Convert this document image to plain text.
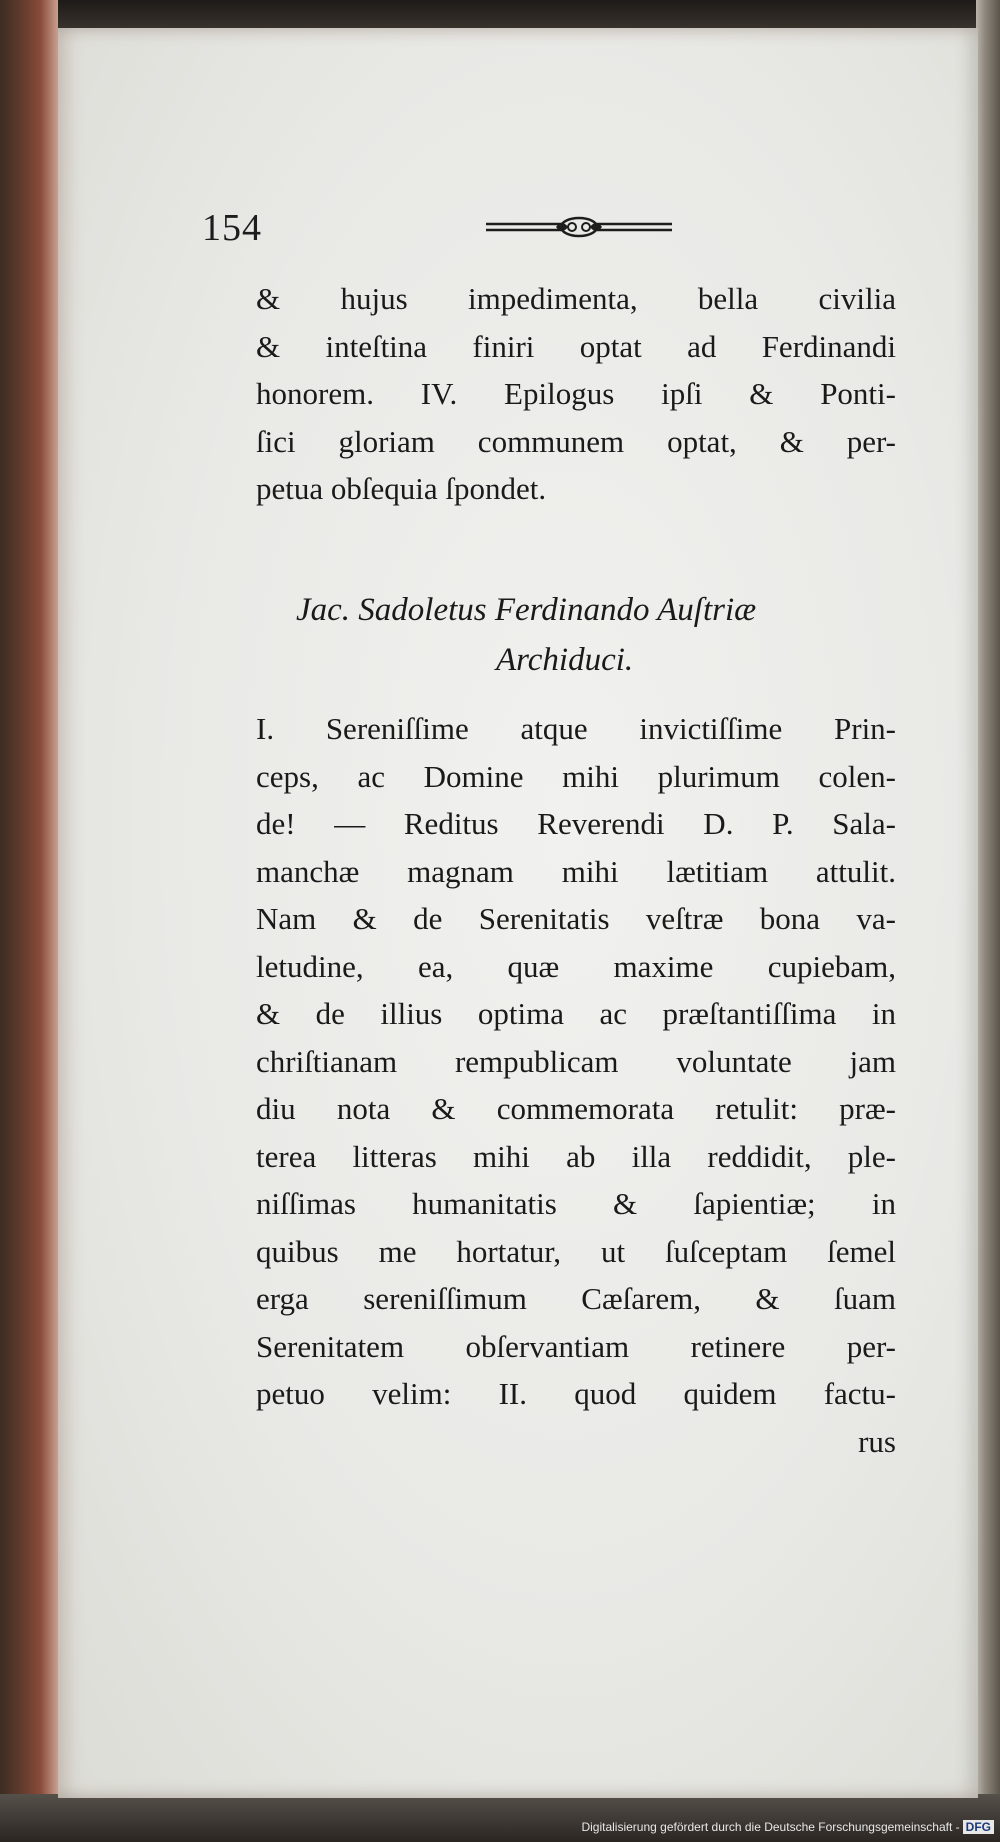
154
& hujus impedimenta, bella civilia
& inteſtina finiri optat ad Ferdinandi
honorem. IV. Epilogus ipſi & Ponti-
ſici gloriam communem optat, & per-
petua obſequia ſpondet.
Jac. Sadoletus Ferdinando Auſtriæ
Archiduci.
I. Sereniſſime atque invictiſſime Prin-
ceps, ac Domine mihi plurimum colen-
de! — Reditus Reverendi D. P. Sala-
manchæ magnam mihi lætitiam attulit.
Nam & de Serenitatis veſtræ bona va-
letudine, ea, quæ maxime cupiebam,
& de illius optima ac præſtantiſſima in
chriſtianam rempublicam voluntate jam
diu nota & commemorata retulit: præ-
terea litteras mihi ab illa reddidit, ple-
niſſimas humanitatis & ſapientiæ; in
quibus me hortatur, ut ſuſceptam ſemel
erga sereniſſimum Cæſarem, & ſuam
Serenitatem obſervantiam retinere per-
petuo velim: II. quod quidem factu-
rus
Digitalisierung gefördert durch die Deutsche Forschungsgemeinschaft - DFG
